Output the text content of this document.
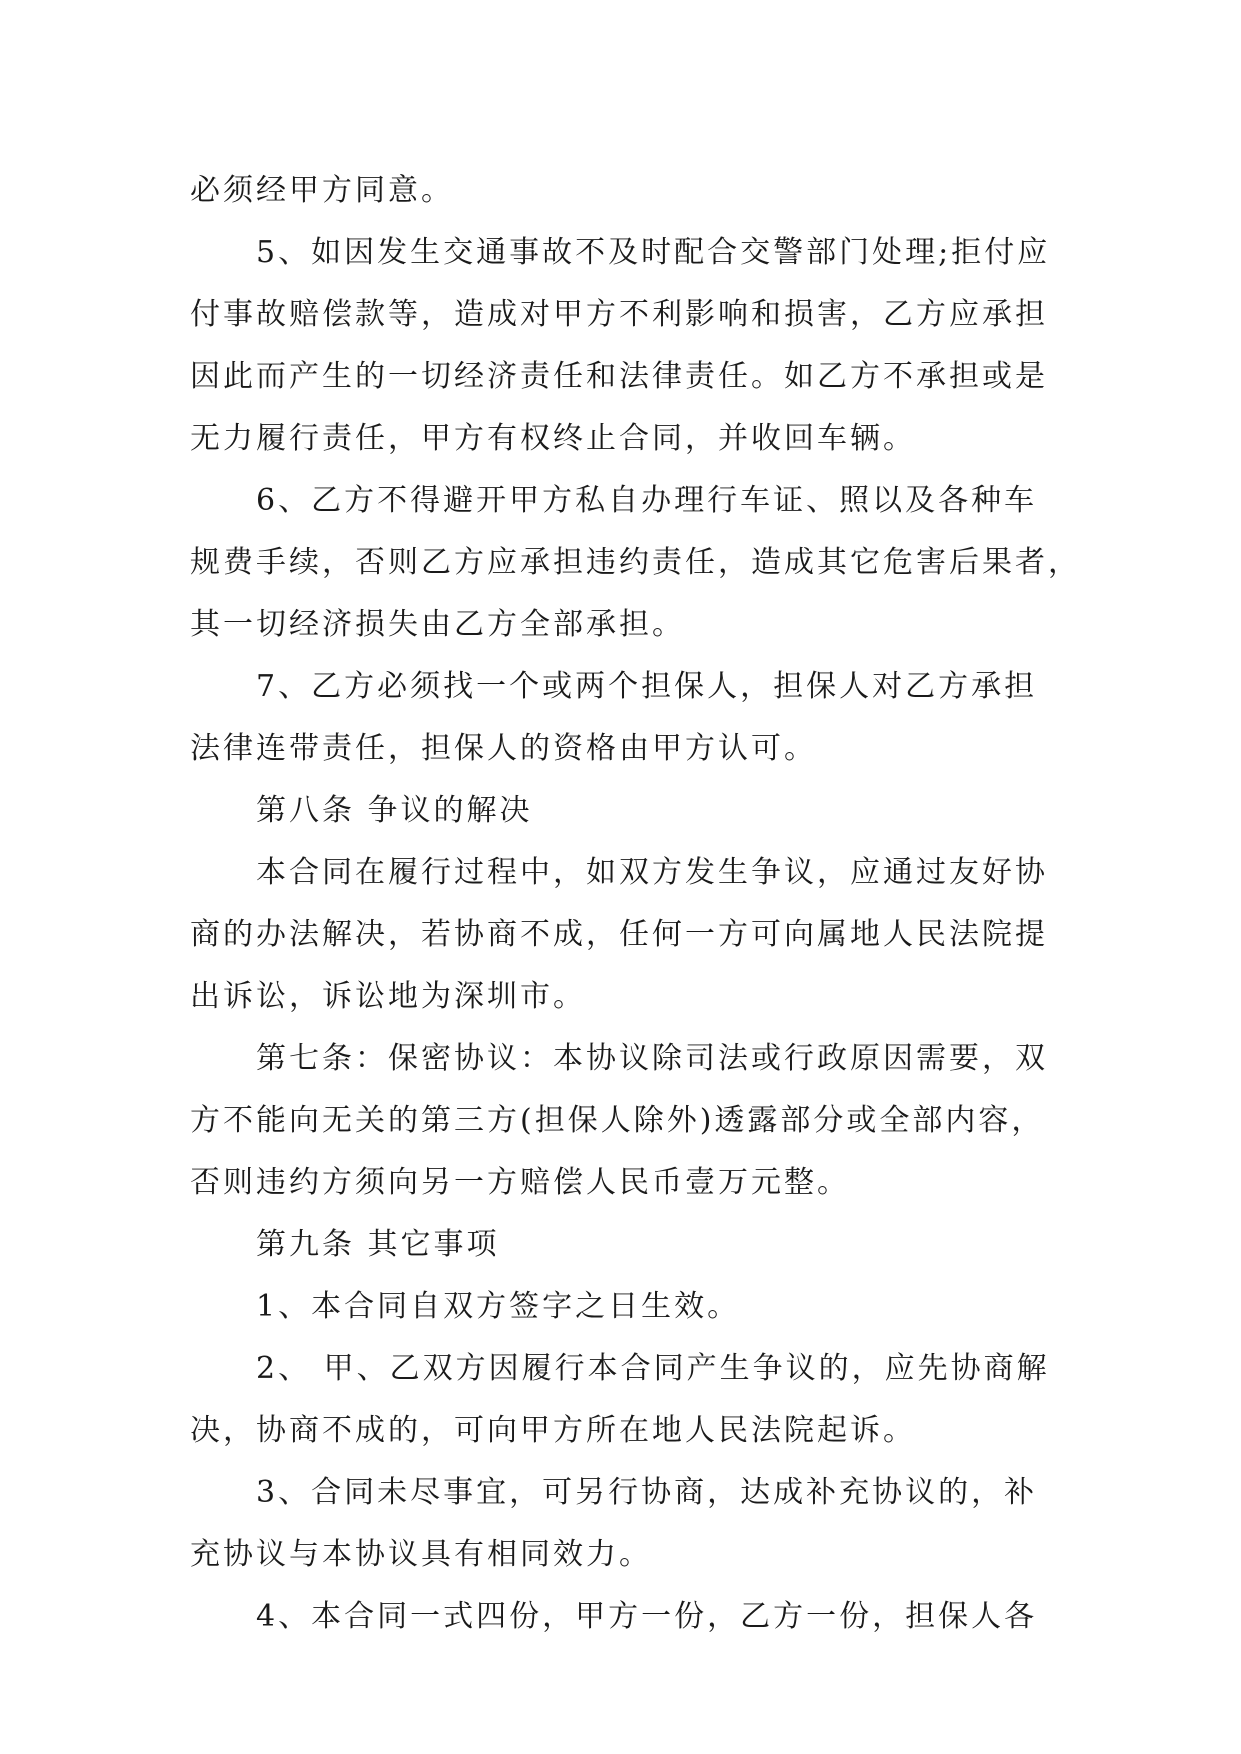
必须经甲方同意。
5、如因发生交通事故不及时配合交警部门处理;拒付应
付事故赔偿款等，造成对甲方不利影响和损害，乙方应承担
因此而产生的一切经济责任和法律责任。如乙方不承担或是
无力履行责任，甲方有权终止合同，并收回车辆。
6、乙方不得避开甲方私自办理行车证、照以及各种车
规费手续，否则乙方应承担违约责任，造成其它危害后果者，
其一切经济损失由乙方全部承担。
7、乙方必须找一个或两个担保人，担保人对乙方承担
法律连带责任，担保人的资格由甲方认可。
第八条 争议的解决
本合同在履行过程中，如双方发生争议，应通过友好协
商的办法解决，若协商不成，任何一方可向属地人民法院提
出诉讼，诉讼地为深圳市。
第七条：保密协议：本协议除司法或行政原因需要，双
方不能向无关的第三方(担保人除外)透露部分或全部内容，
否则违约方须向另一方赔偿人民币壹万元整。
第九条 其它事项
1、本合同自双方签字之日生效。
2、 甲、乙双方因履行本合同产生争议的，应先协商解
决，协商不成的，可向甲方所在地人民法院起诉。
3、合同未尽事宜，可另行协商，达成补充协议的，补
充协议与本协议具有相同效力。
4、本合同一式四份，甲方一份，乙方一份，担保人各
